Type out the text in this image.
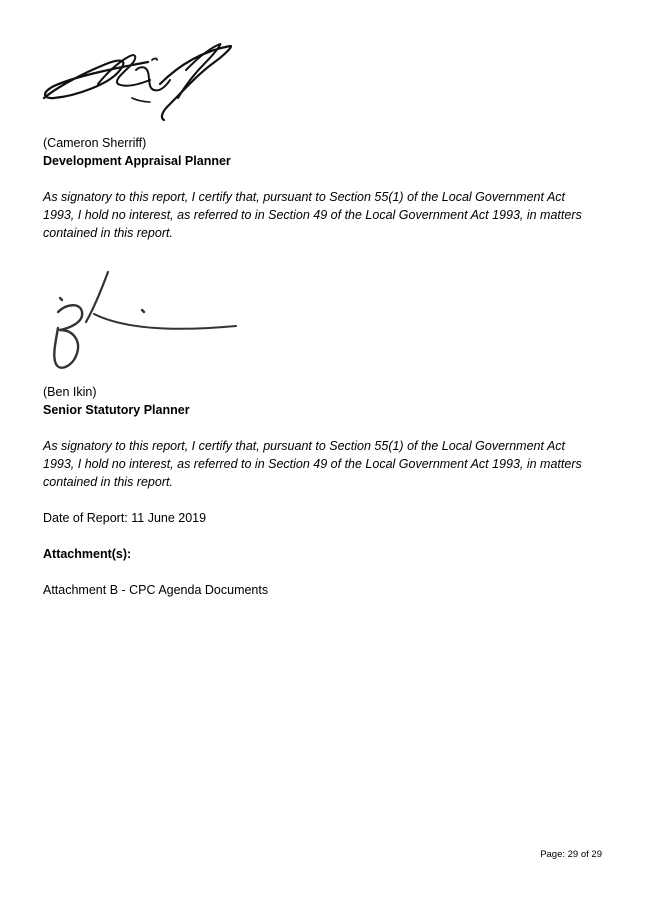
(Cameron Sherriff)
Development Appraisal Planner
As signatory to this report, I certify that, pursuant to Section 55(1) of the Local Government Act
1993, I hold no interest, as referred to in Section 49 of the Local Government Act 1993, in matters
contained in this report.
(Ben Ikin)
Senior Statutory Planner
As signatory to this report, I certify that, pursuant to Section 55(1) of the Local Government Act
1993, I hold no interest, as referred to in Section 49 of the Local Government Act 1993, in matters
contained in this report.
Date of Report: 11 June 2019
Attachment(s):
Attachment B - CPC Agenda Documents
Page: 29 of 29
